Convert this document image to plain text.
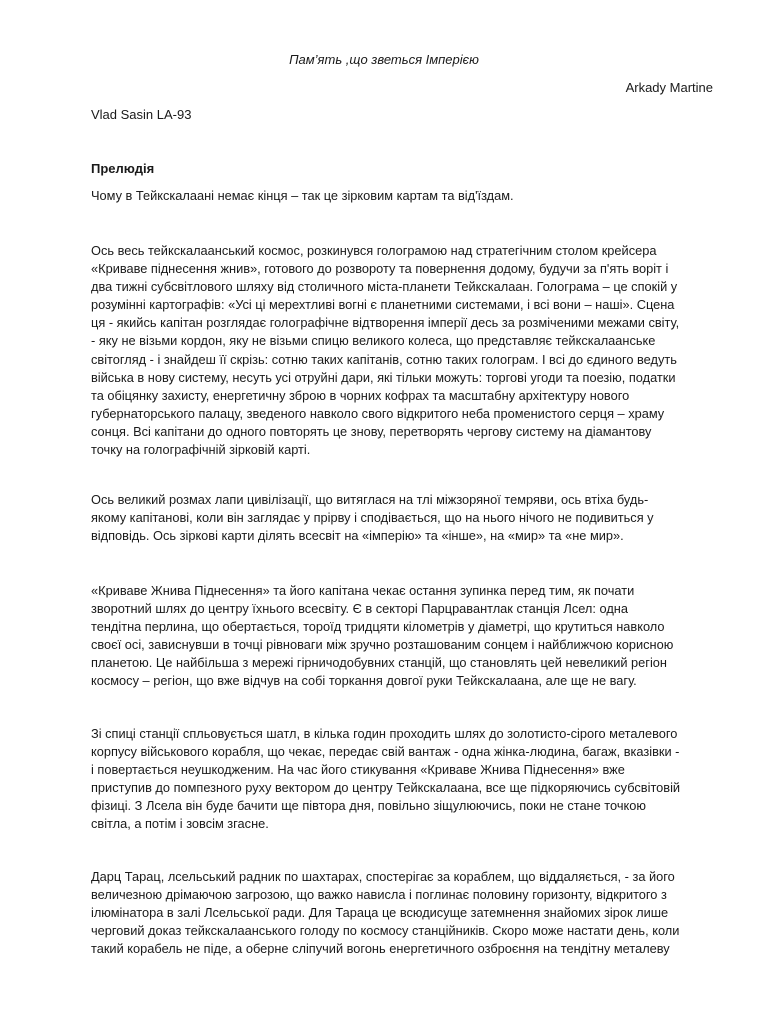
Пам’ять ,що зветься Імперією
Arkady Martine
Vlad Sasin LA-93
Прелюдія

Чому в Тейкскалаані немає кінця – так це зірковим картам та від'їздам.

Ось весь тейкскалаанський космос, розкинувся голограмою над стратегічним столом крейсера «Криваве піднесення жнив», готового до розвороту та повернення додому, будучи за п'ять воріт і два тижні субсвітлового шляху від столичного міста-планети Тейкскалаан. Голограма – це спокій у розумінні картографів: «Усі ці мерехтливі вогні є планетними системами, і всі вони – наші». Сцена ця - якийсь капітан розглядає голографічне відтворення імперії десь за розміченими межами світу, - яку не візьми кордон, яку не візьми спицю великого колеса, що представляє тейкскалаанське світогляд - і знайдеш її скрізь: сотню таких капітанів, сотню таких голограм. І всі до єдиного ведуть війська в нову систему, несуть усі отруйні дари, які тільки можуть: торгові угоди та поезію, податки та обіцянку захисту, енергетичну зброю в чорних кофрах та масштабну архітектуру нового губернаторського палацу, зведеного навколо свого відкритого неба променистого серця – храму сонця. Всі капітани до одного повторять це знову, перетворять чергову систему на діамантову точку на голографічній зірковій карті.

Ось великий розмах лапи цивілізації, що витяглася на тлі міжзоряної темряви, ось втіха будь-якому капітанові, коли він заглядає у прірву і сподівається, що на нього нічого не подивиться у відповідь. Ось зіркові карти ділять всесвіт на «імперію» та «інше», на «мир» та «не мир».

«Криваве Жнива Піднесення» та його капітана чекає остання зупинка перед тим, як почати зворотний шлях до центру їхнього всесвіту. Є в секторі Парцравантлак станція Лсел: одна тендітна перлина, що обертається, тороїд тридцяти кілометрів у діаметрі, що крутиться навколо своєї осі, зависнувши в точці рівноваги між зручно розташованим сонцем і найближчою корисною планетою. Це найбільша з мережі гірничодобувних станцій, що становлять цей невеликий регіон космосу – регіон, що вже відчув на собі торкання довгої руки Тейкскалаана, але ще не вагу.

Зі спиці станції спльовується шатл, в кілька годин проходить шлях до золотисто-сірого металевого корпусу військового корабля, що чекає, передає свій вантаж - одна жінка-людина, багаж, вказівки - і повертається неушкодженим. На час його стикування «Криваве Жнива Піднесення» вже приступив до помпезного руху вектором до центру Тейкскалаана, все ще підкоряючись субсвітовій фізиці. З Лсела він буде бачити ще півтора дня, повільно зіщулюючись, поки не стане точкою світла, а потім і зовсім згасне.

Дарц Тарац, лсельський радник по шахтарах, спостерігає за кораблем, що віддаляється, - за його величезною дрімаючою загрозою, що важко нависла і поглинає половину горизонту, відкритого з ілюмінатора в залі Лсельської ради. Для Тараца це всюдисуще затемнення знайомих зірок лише черговий доказ тейкскалаанського голоду по космосу станційників. Скоро може настати день, коли такий корабель не піде, а оберне сліпучий вогонь енергетичного озброєння на тендітну металеву
